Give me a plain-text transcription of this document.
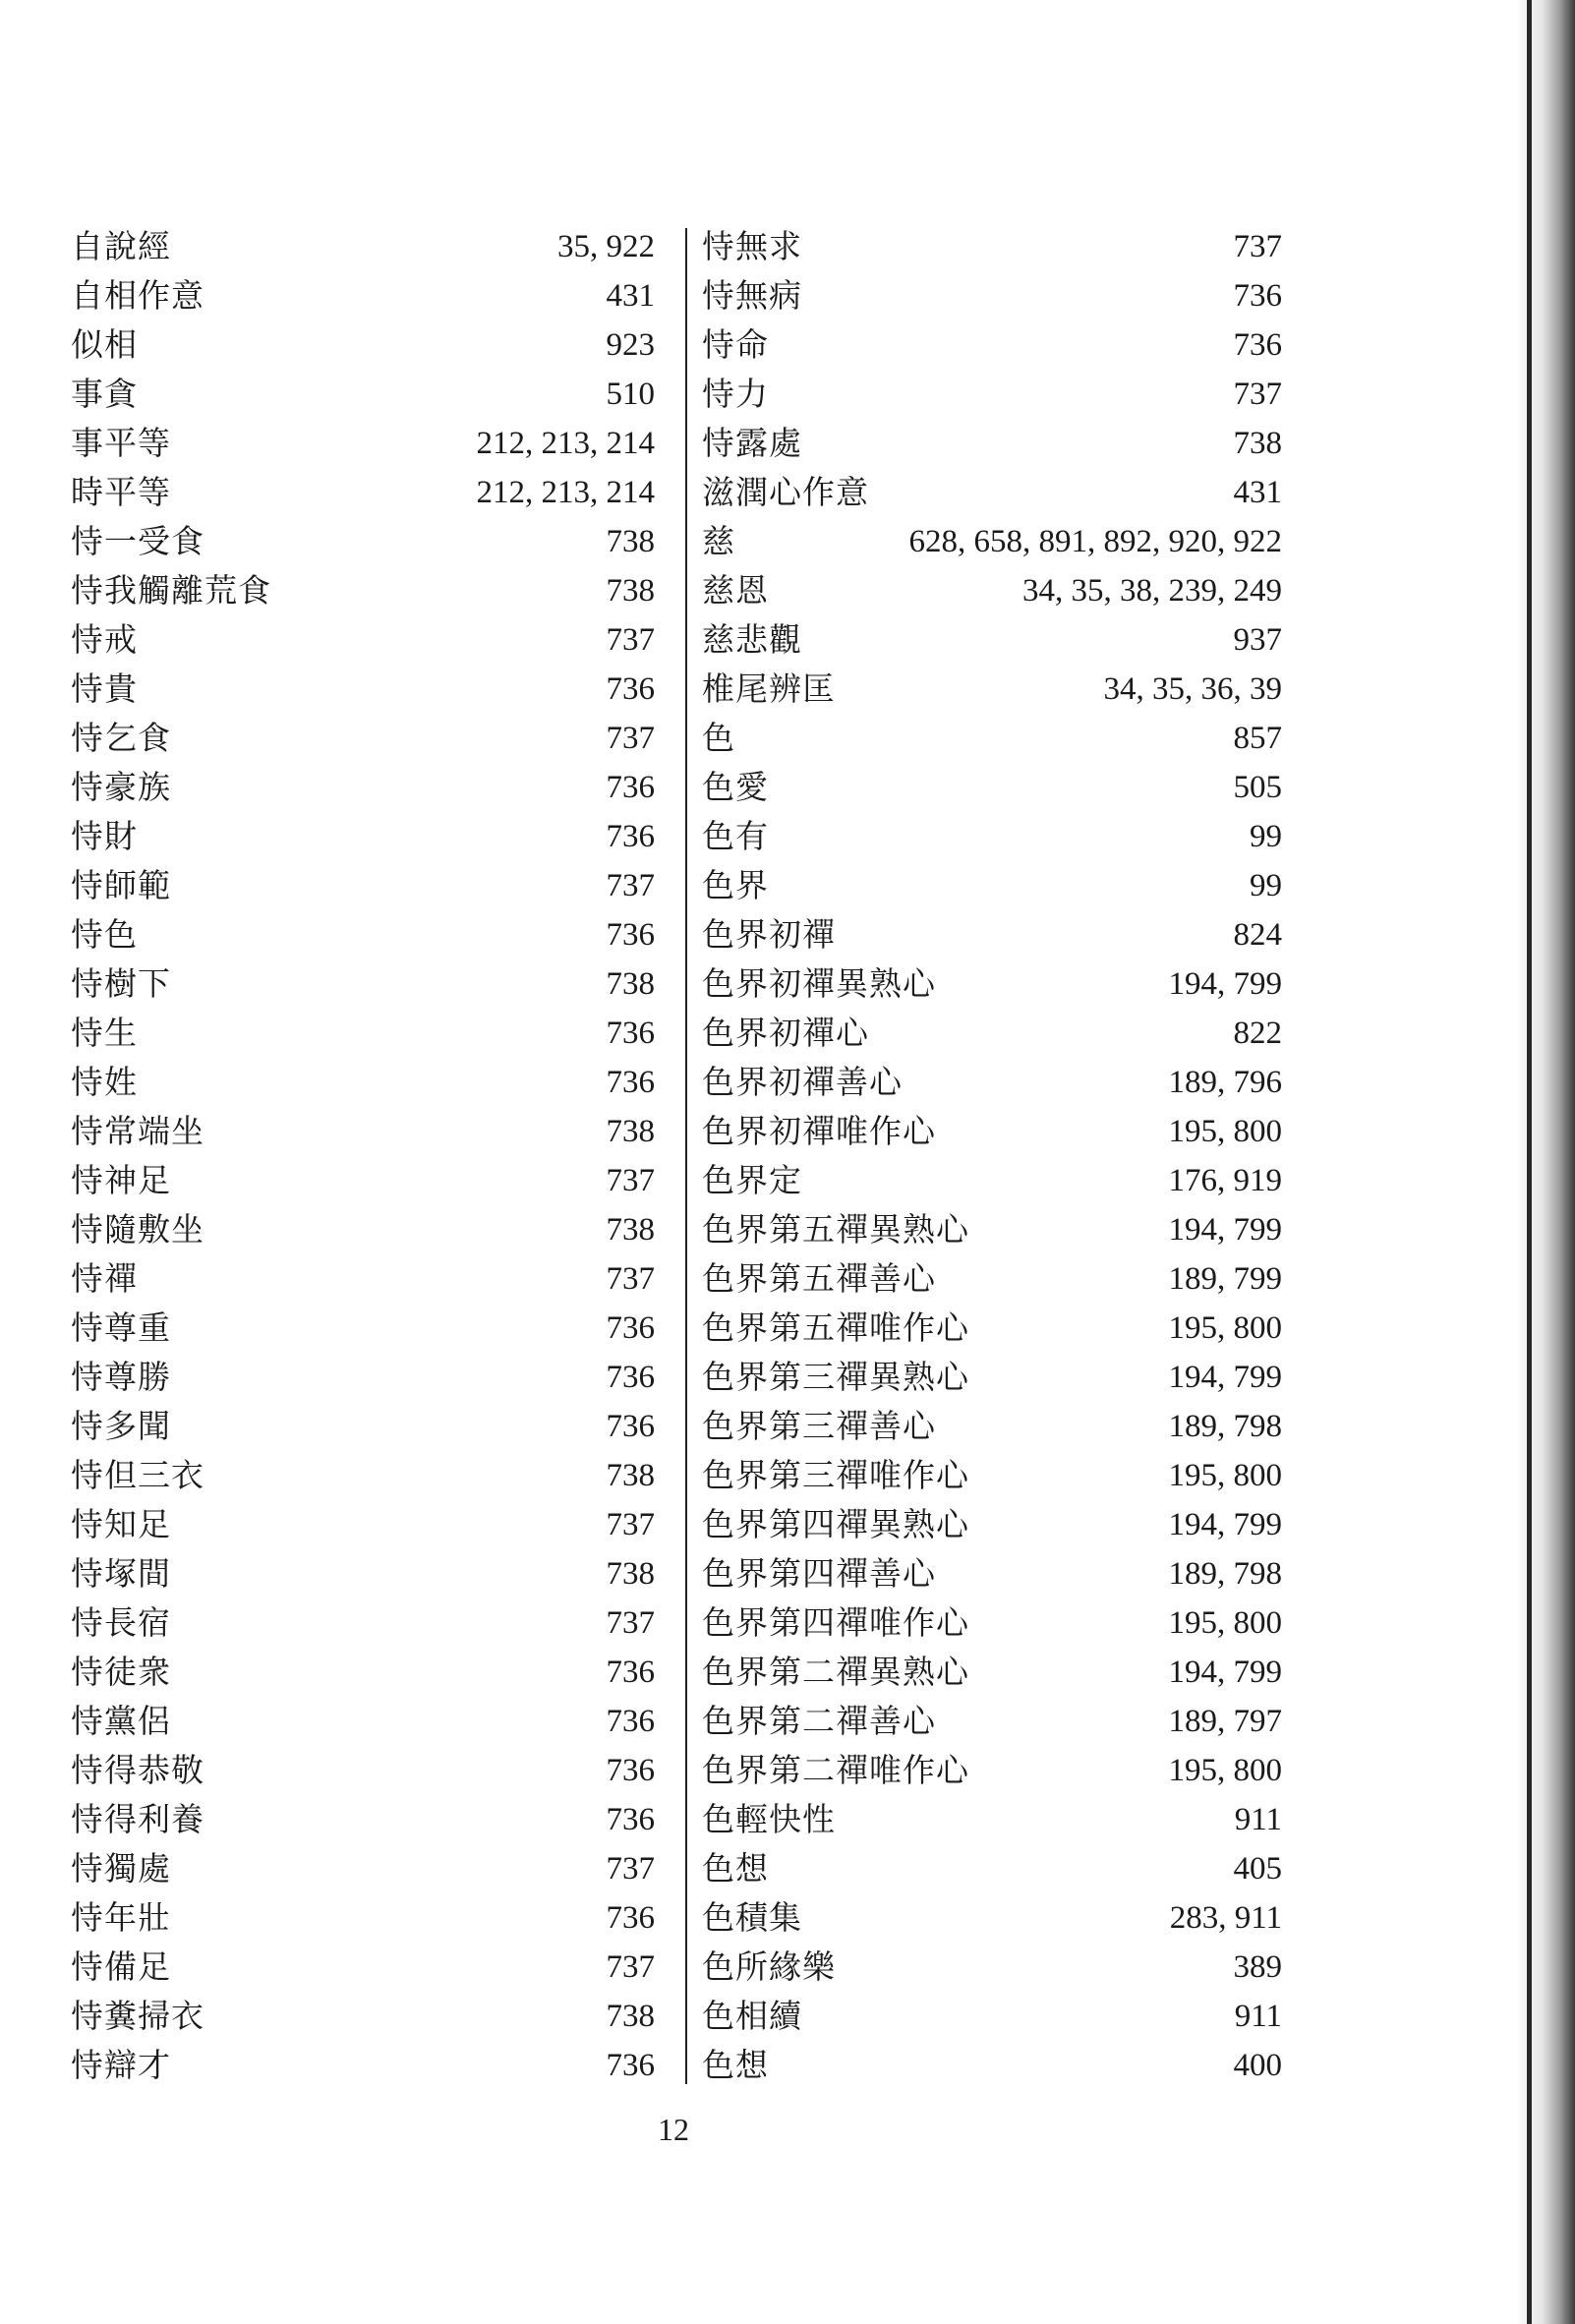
自說經	35, 922
自相作意	431
似相	923
事貪	510
事平等	212, 213, 214
時平等	212, 213, 214
恃一受食	738
恃我觸離荒食	738
恃戒	737
恃貴	736
恃乞食	737
恃豪族	736
恃財	736
恃師範	737
恃色	736
恃樹下	738
恃生	736
恃姓	736
恃常端坐	738
恃神足	737
恃隨敷坐	738
恃禪	737
恃尊重	736
恃尊勝	736
恃多聞	736
恃但三衣	738
恃知足	737
恃塚間	738
恃長宿	737
恃徒衆	736
恃黨侶	736
恃得恭敬	736
恃得利養	736
恃獨處	737
恃年壯	736
恃備足	737
恃糞掃衣	738
恃辯才	736
恃無求	737
恃無病	736
恃命	736
恃力	737
恃露處	738
滋潤心作意	431
慈	628, 658, 891, 892, 920, 922
慈恩	34, 35, 38, 239, 249
慈悲觀	937
椎尾辨匡	34, 35, 36, 39
色	857
色愛	505
色有	99
色界	99
色界初禪	824
色界初禪異熟心	194, 799
色界初禪心	822
色界初禪善心	189, 796
色界初禪唯作心	195, 800
色界定	176, 919
色界第五禪異熟心	194, 799
色界第五禪善心	189, 799
色界第五禪唯作心	195, 800
色界第三禪異熟心	194, 799
色界第三禪善心	189, 798
色界第三禪唯作心	195, 800
色界第四禪異熟心	194, 799
色界第四禪善心	189, 798
色界第四禪唯作心	195, 800
色界第二禪異熟心	194, 799
色界第二禪善心	189, 797
色界第二禪唯作心	195, 800
色輕快性	911
色想	405
色積集	283, 911
色所緣樂	389
色相續	911
色想	400
12
